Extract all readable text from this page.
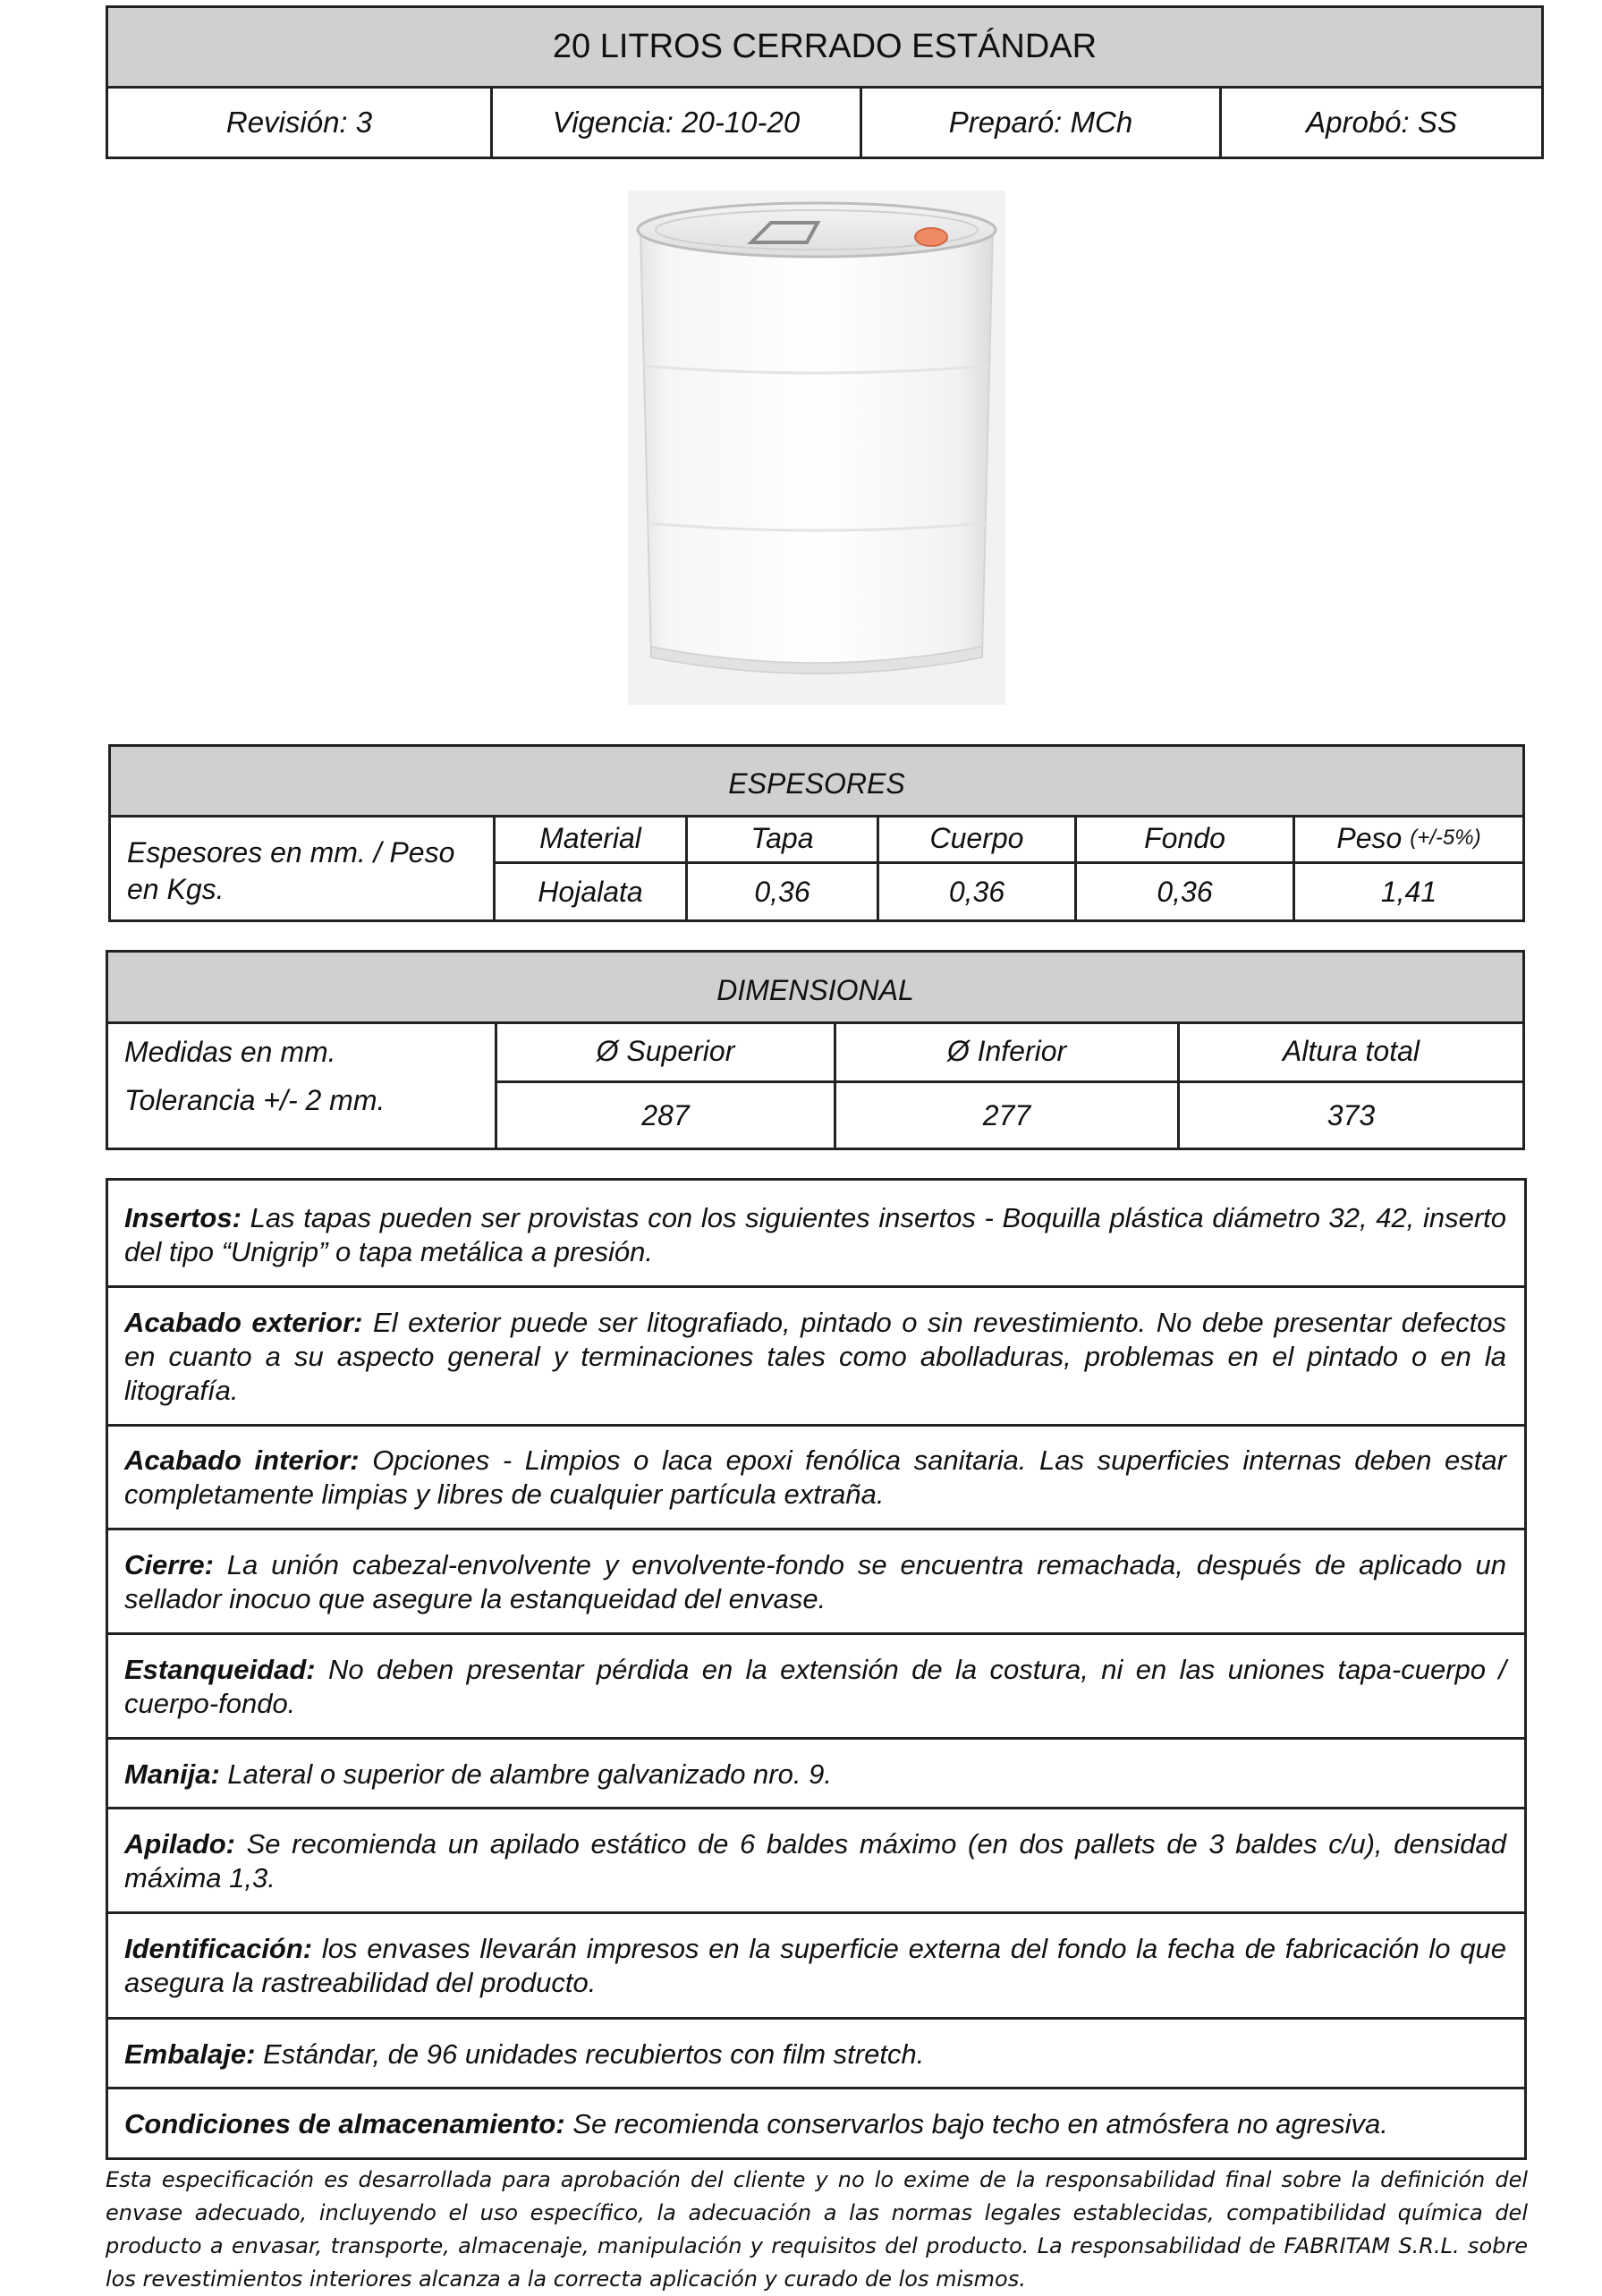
20 LITROS CERRADO ESTÁNDAR
Revisión: 3	Vigencia: 20-10-20	Preparó: MCh	Aprobó: SS
ESPESORES
Espesores en mm. / Peso en Kgs.
Material	Tapa	Cuerpo	Fondo	Peso
(+/-5%)
Hojalata	0,36	0,36	0,36	1,41
DIMENSIONAL
Medidas en mm.
Tolerancia +/- 2 mm.
Ø Superior	Ø Inferior	Altura total
287	277	373
Insertos: Las tapas pueden ser provistas con los siguientes insertos - Boquilla plástica diámetro 32, 42, inserto del tipo “Unigrip” o tapa metálica a presión.
Acabado exterior: El exterior puede ser litografiado, pintado o sin revestimiento. No debe presentar defectos en cuanto a su aspecto general y terminaciones tales como abolladuras, problemas en el pintado o en la litografía.
Acabado interior: Opciones - Limpios o laca epoxi fenólica sanitaria. Las superficies internas deben estar completamente limpias y libres de cualquier partícula extraña.
Cierre: La unión cabezal-envolvente y envolvente-fondo se encuentra remachada, después de aplicado un sellador inocuo que asegure la estanqueidad del envase.
Estanqueidad: No deben presentar pérdida en la extensión de la costura, ni en las uniones tapa-cuerpo / cuerpo-fondo.
Manija: Lateral o superior de alambre galvanizado nro. 9.
Apilado: Se recomienda un apilado estático de 6 baldes máximo (en dos pallets de 3 baldes c/u), densidad máxima 1,3.
Identificación: los envases llevarán impresos en la superficie externa del fondo la fecha de fabricación lo que asegura la rastreabilidad del producto.
Embalaje: Estándar, de 96 unidades recubiertos con film stretch.
Condiciones de almacenamiento: Se recomienda conservarlos bajo techo en atmósfera no agresiva.
Esta especificación es desarrollada para aprobación del cliente y no lo exime de la responsabilidad final sobre la definición del envase adecuado, incluyendo el uso específico, la adecuación a las normas legales establecidas, compatibilidad química del producto a envasar, transporte, almacenaje, manipulación y requisitos del producto. La responsabilidad de FABRITAM S.R.L. sobre los revestimientos interiores alcanza a la correcta aplicación y curado de los mismos.
